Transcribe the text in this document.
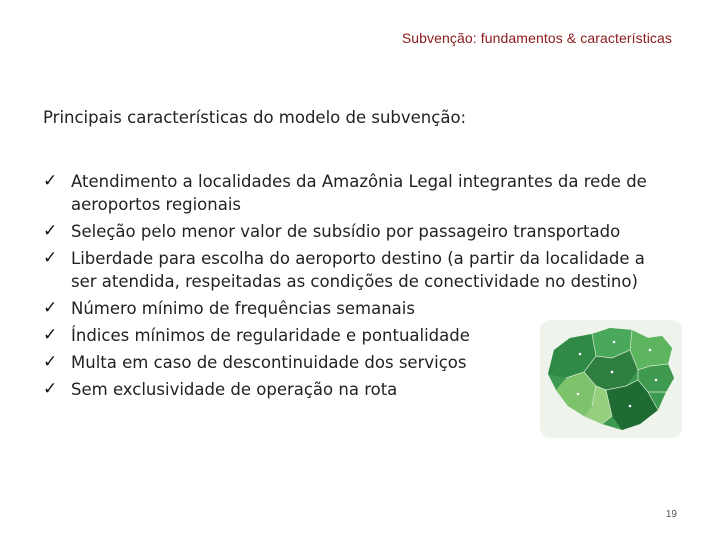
Subvenção: fundamentos & características
Principais características do modelo de subvenção:
✓ Atendimento a localidades da Amazônia Legal integrantes da rede de aeroportos regionais
✓ Seleção pelo menor valor de subsídio por passageiro transportado
✓ Liberdade para escolha do aeroporto destino (a partir da localidade a ser atendida, respeitadas as condições de conectividade no destino)
✓ Número mínimo de frequências semanais
✓ Índices mínimos de regularidade e pontualidade
✓ Multa em caso de descontinuidade dos serviços
✓ Sem exclusividade de operação na rota
19
